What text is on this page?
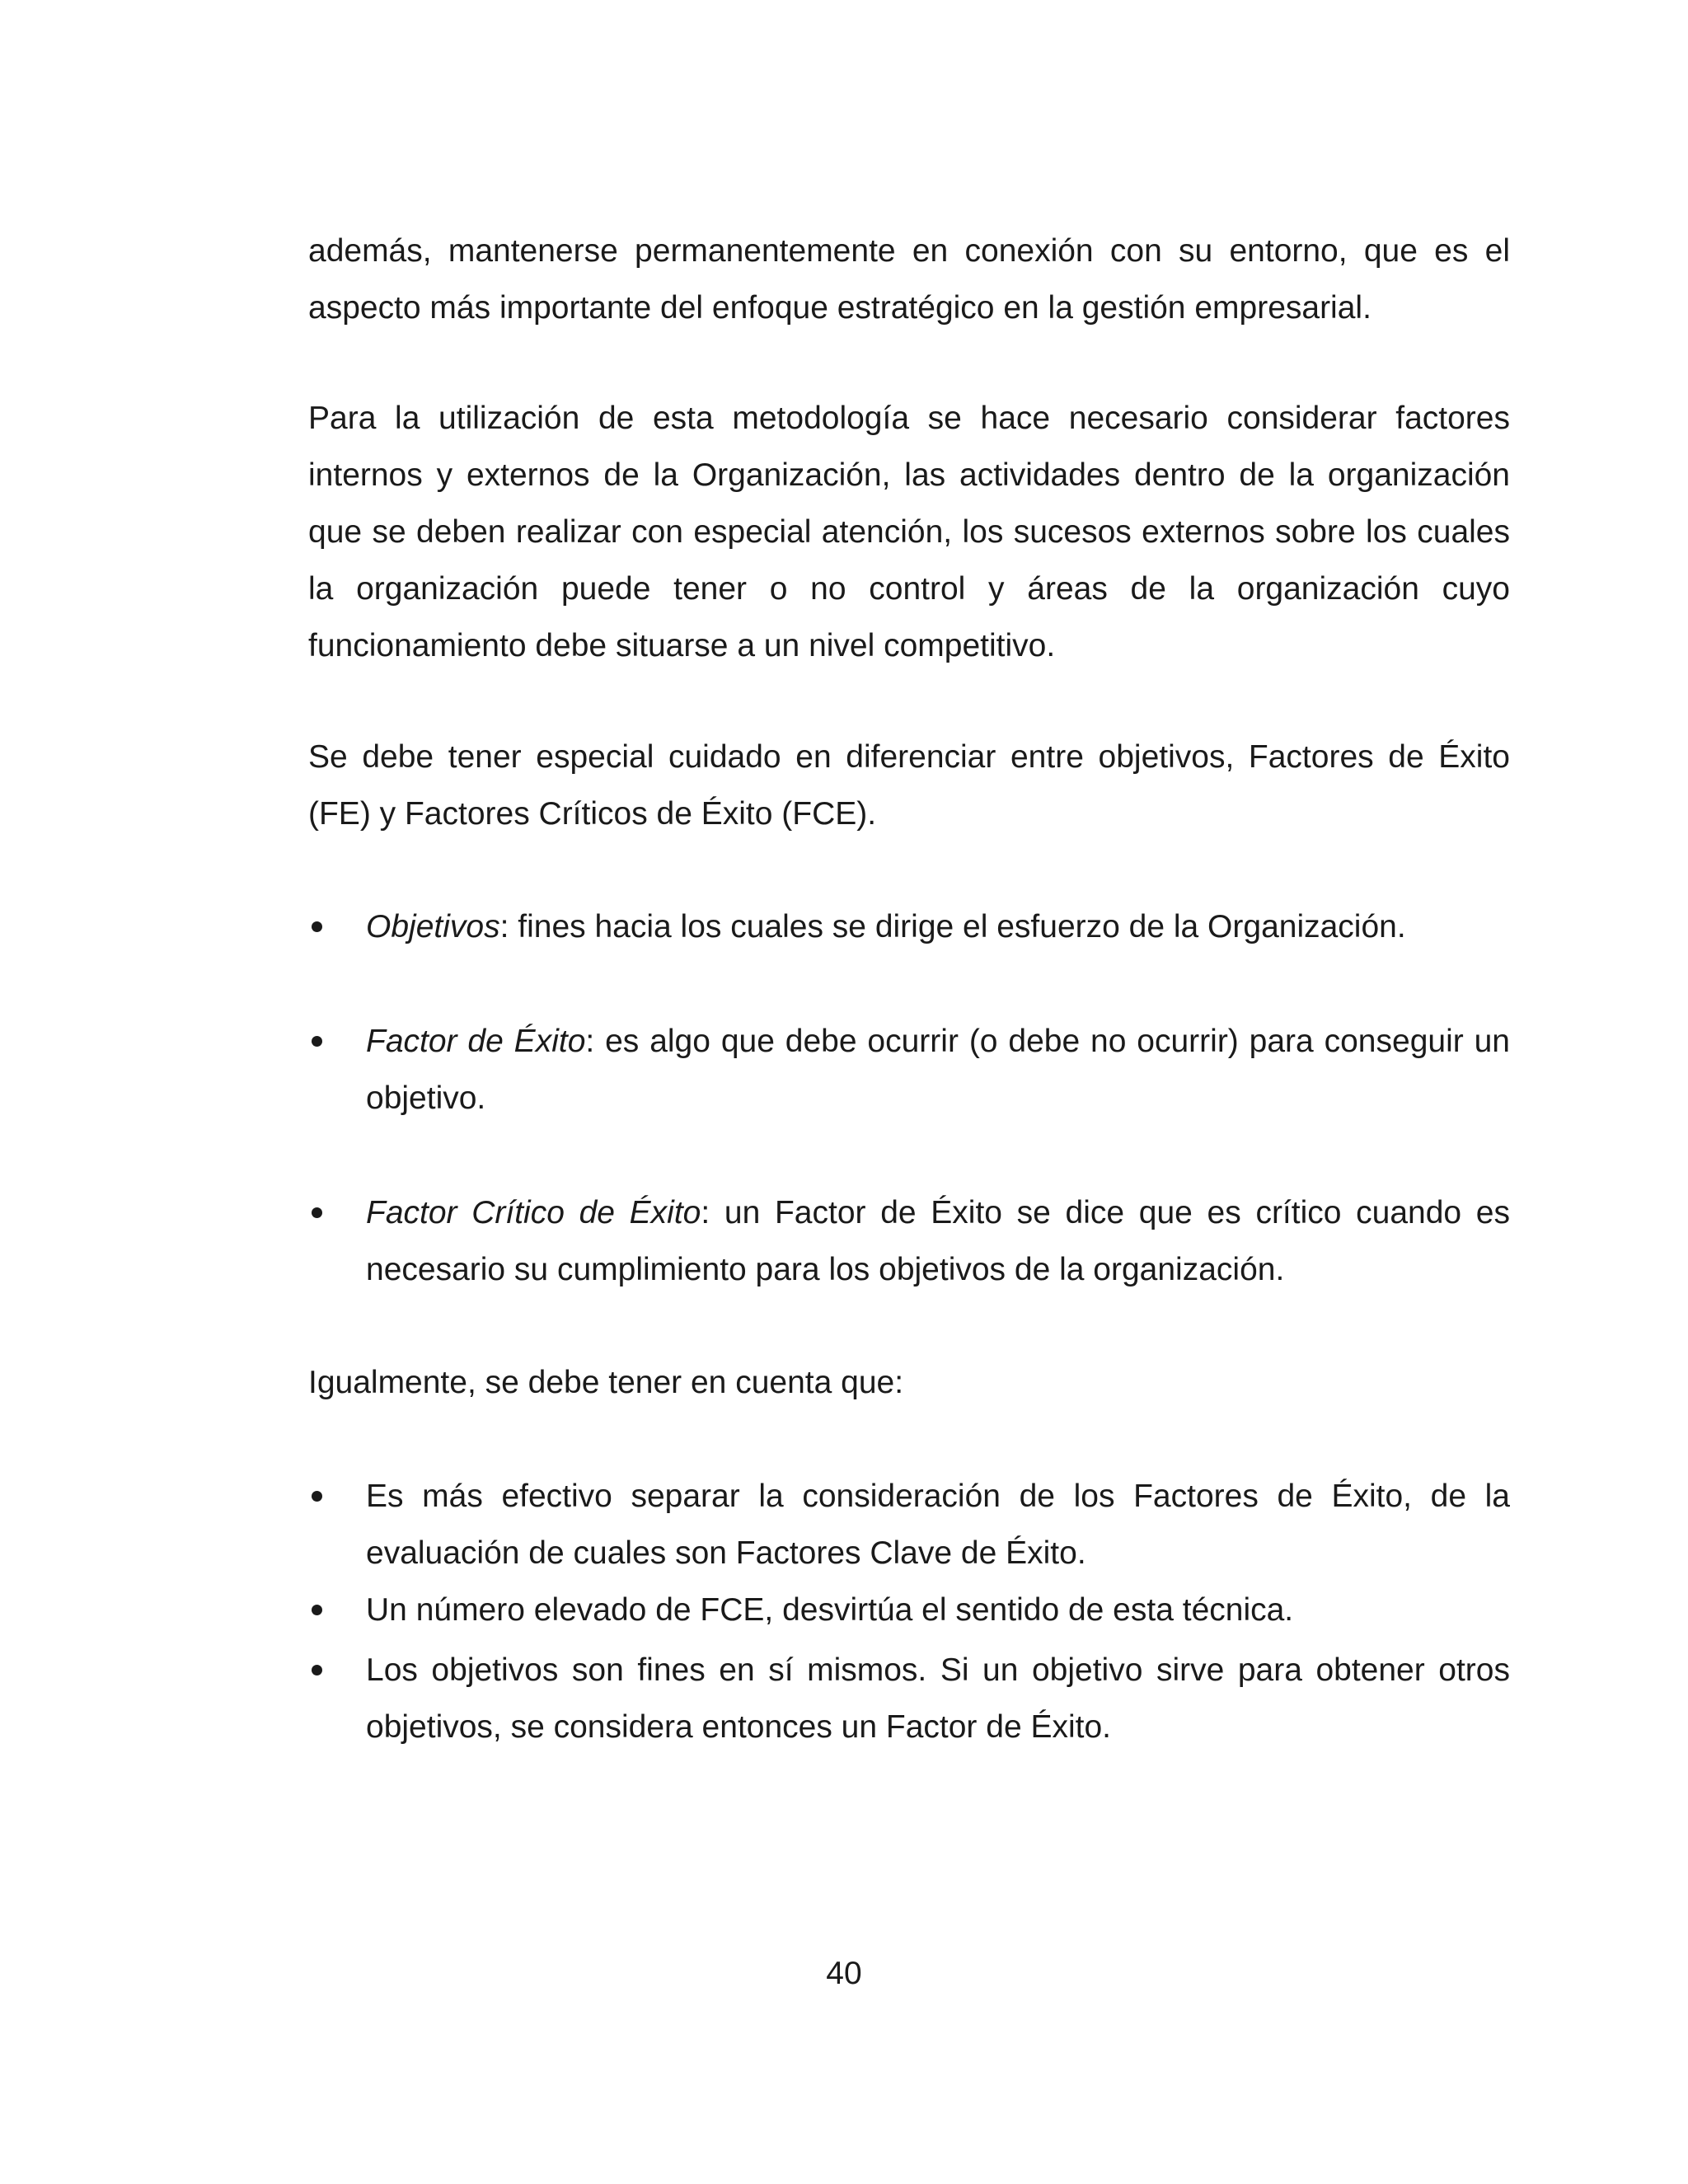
además, mantenerse permanentemente en conexión con su entorno, que es el aspecto más importante del enfoque estratégico en la gestión empresarial.

Para la utilización de esta metodología se hace necesario considerar factores internos y externos de la Organización, las actividades dentro de la organización que se deben realizar con especial atención, los sucesos externos sobre los cuales la organización puede tener o no control y áreas de la organización cuyo funcionamiento debe situarse a un nivel competitivo.

Se debe tener especial cuidado en diferenciar entre objetivos, Factores de Éxito (FE) y Factores Críticos de Éxito (FCE).

Objetivos: fines hacia los cuales se dirige el esfuerzo de la Organización.

Factor de Éxito: es algo que debe ocurrir (o debe no ocurrir) para conseguir un objetivo.

Factor Crítico de Éxito: un Factor de Éxito se dice que es crítico cuando es necesario su cumplimiento para los objetivos de la organización.

Igualmente, se debe tener en cuenta que:

Es más efectivo separar la consideración de los Factores de Éxito, de la evaluación de cuales son Factores Clave de Éxito.

Un número elevado de FCE, desvirtúa el sentido de esta técnica.

Los objetivos son fines en sí mismos. Si un objetivo sirve para obtener otros objetivos, se considera entonces un Factor de Éxito.

40
